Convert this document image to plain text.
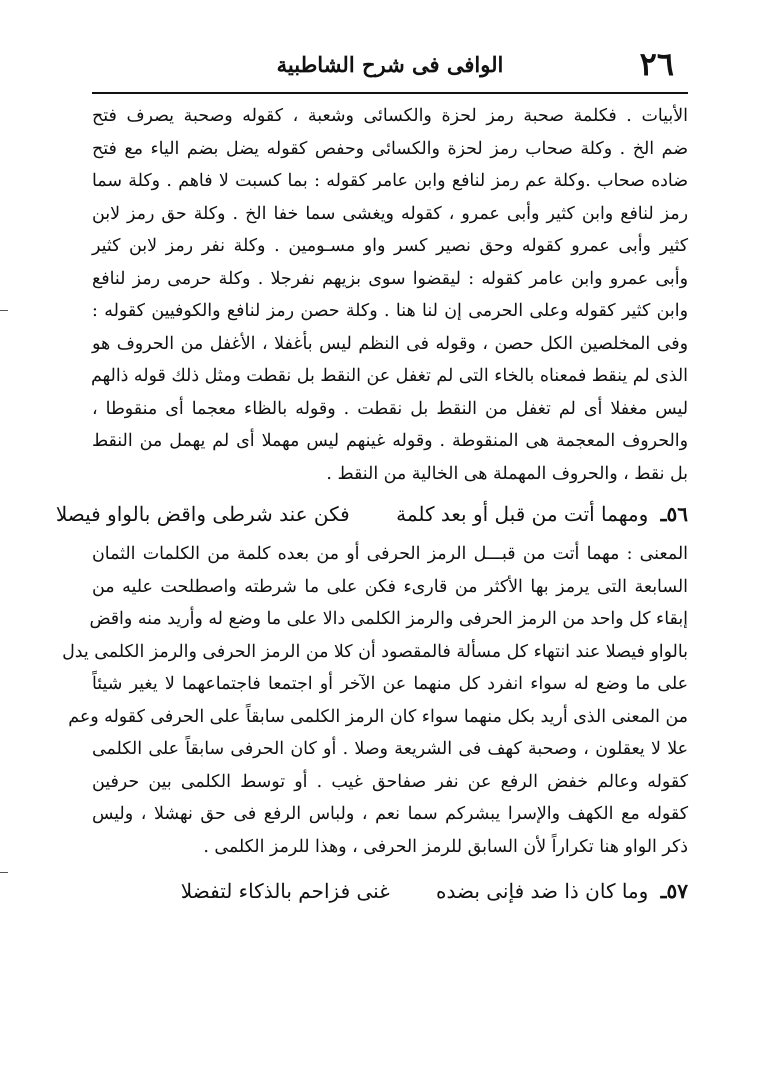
٢٦
الوافى فى شرح الشاطبية
الأبيات . فكلمة صحبة رمز لحزة والكسائى وشعبة ، كقوله وصحبة يصرف فتح
ضم الخ . وكلة صحاب رمز لحزة والكسائى وحفص كقوله يضل بضم الياء مع فتح
ضاده صحاب .وكلة عم رمز لنافع وابن عامر كقوله : بما كسبت لا فاهم . وكلة سما
رمز لنافع وابن كثير وأبى عمرو ، كقوله ويغشى سما خفا الخ . وكلة حق رمز لابن
كثير وأبى عمرو كقوله وحق نصير كسر واو مسـومين . وكلة نفر رمز لابن كثير
وأبى عمرو وابن عامر كقوله : ليقضوا سوى بزيهم نفرجلا . وكلة حرمى رمز لنافع
وابن كثير كقوله وعلى الحرمى إن لنا هنا . وكلة حصن رمز لنافع والكوفيين كقوله :
وفى المخلصين الكل حصن ، وقوله فى النظم ليس بأغفلا ، الأغفل من الحروف هو
الذى لم ينقط فمعناه بالخاء التى لم تغفل عن النقط بل نقطت ومثل ذلك قوله ذالهم
ليس مغفلا أى لم تغفل من النقط بل نقطت . وقوله بالظاء معجما أى منقوطا ،
والحروف المعجمة هى المنقوطة . وقوله غينهم ليس مهملا أى لم يهمل من النقط
بل نقط ، والحروف المهملة هى الخالية من النقط .
٥٦ـ ومهما أتت من قبل أو بعد كلمة فكن عند شرطى واقض بالواو فيصلا
المعنى : مهما أتت من قبـــل الرمز الحرفى أو من بعده كلمة من الكلمات الثمان
السابعة التى يرمز بها الأكثر من قارىء فكن على ما شرطته واصطلحت عليه من
إبقاء كل واحد من الرمز الحرفى والرمز الكلمى دالا على ما وضع له وأريد منه واقض
بالواو فيصلا عند انتهاء كل مسألة فالمقصود أن كلا من الرمز الحرفى والرمز الكلمى يدل
على ما وضع له سواء انفرد كل منهما عن الآخر أو اجتمعا فاجتماعهما لا يغير شيئاً
من المعنى الذى أريد بكل منهما سواء كان الرمز الكلمى سابقاً على الحرفى كقوله وعم
علا لا يعقلون ، وصحبة كهف فى الشريعة وصلا . أو كان الحرفى سابقاً على الكلمى
كقوله وعالم خفض الرفع عن نفر صفاحق غيب . أو توسط الكلمى بين حرفين
كقوله مع الكهف والإسرا يبشركم سما نعم ، ولباس الرفع فى حق نهشلا ، وليس
ذكر الواو هنا تكراراً لأن السابق للرمز الحرفى ، وهذا للرمز الكلمى .
٥٧ـ وما كان ذا ضد فإنى بضده غنى فزاحم بالذكاء لتفضلا
